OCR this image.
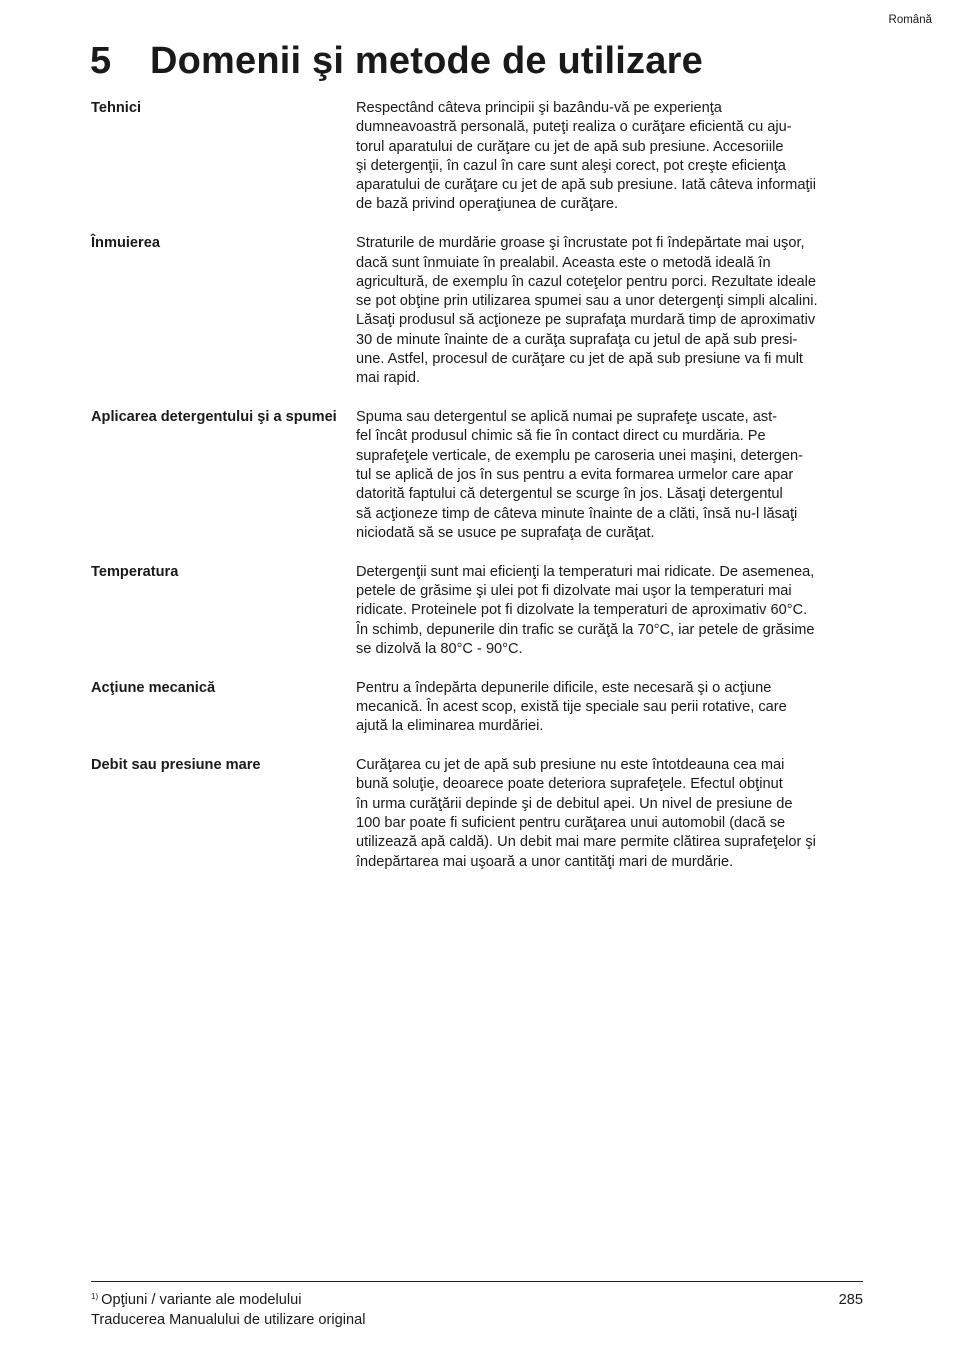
Română
5 Domenii şi metode de utilizare
Tehnici	Respectând câteva principii şi bazându-vă pe experienţa
dumneavoastră personală, puteţi realiza o curăţare eficientă cu aju-
torul aparatului de curăţare cu jet de apă sub presiune. Accesoriile
şi detergenţii, în cazul în care sunt aleşi corect, pot creşte eficienţa
aparatului de curăţare cu jet de apă sub presiune. Iată câteva informaţii
de bază privind operaţiunea de curăţare.
Înmuierea	Straturile de murdărie groase şi încrustate pot fi îndepărtate mai uşor,
dacă sunt înmuiate în prealabil. Aceasta este o metodă ideală în
agricultură, de exemplu în cazul coteţelor pentru porci. Rezultate ideale
se pot obţine prin utilizarea spumei sau a unor detergenţi simpli alcalini.
Lăsaţi produsul să acţioneze pe suprafaţa murdară timp de aproximativ
30 de minute înainte de a curăţa suprafaţa cu jetul de apă sub presi-
une. Astfel, procesul de curăţare cu jet de apă sub presiune va fi mult
mai rapid.
Aplicarea detergentului şi a spumei	Spuma sau detergentul se aplică numai pe suprafeţe uscate, ast-
fel încât produsul chimic să fie în contact direct cu murdăria. Pe
suprafeţele verticale, de exemplu pe caroseria unei maşini, detergen-
tul se aplică de jos în sus pentru a evita formarea urmelor care apar
datorită faptului că detergentul se scurge în jos. Lăsaţi detergentul
să acţioneze timp de câteva minute înainte de a clăti, însă nu-l lăsaţi
niciodată să se usuce pe suprafaţa de curăţat.
Temperatura	Detergenţii sunt mai eficienţi la temperaturi mai ridicate. De asemenea,
petele de grăsime şi ulei pot fi dizolvate mai uşor la temperaturi mai
ridicate. Proteinele pot fi dizolvate la temperaturi de aproximativ 60°C.
În schimb, depunerile din trafic se curăţă la 70°C, iar petele de grăsime
se dizolvă la 80°C - 90°C.
Acţiune mecanică	Pentru a îndepărta depunerile dificile, este necesară şi o acţiune
mecanică. În acest scop, există tije speciale sau perii rotative, care
ajută la eliminarea murdăriei.
Debit sau presiune mare	Curăţarea cu jet de apă sub presiune nu este întotdeauna cea mai
bună soluţie, deoarece poate deteriora suprafeţele. Efectul obţinut
în urma curăţării depinde şi de debitul apei. Un nivel de presiune de
100 bar poate fi suficient pentru curăţarea unui automobil (dacă se
utilizează apă caldă). Un debit mai mare permite clătirea suprafeţelor şi
îndepărtarea mai uşoară a unor cantităţi mari de murdărie.
$^{1)}$ Opţiuni / variante ale modelului
Traducerea Manualului de utilizare original
285
